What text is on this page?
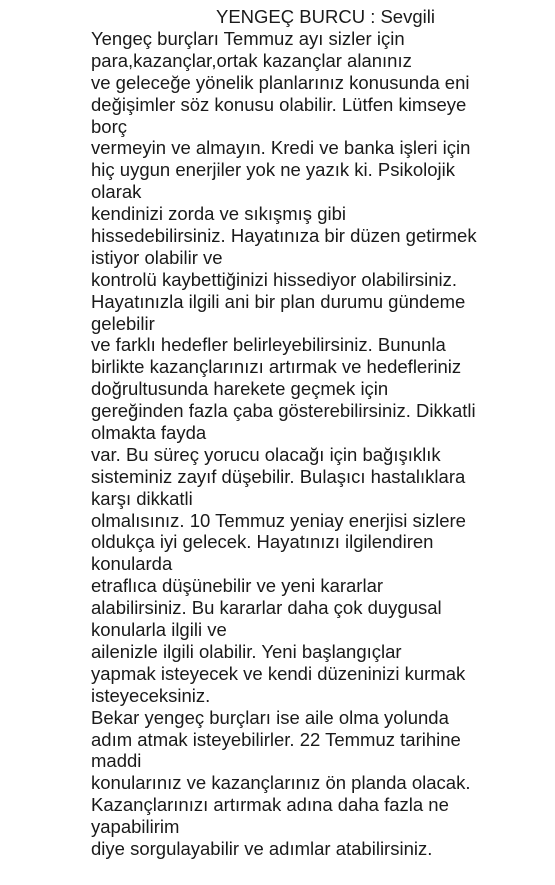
YENGEÇ BURCU : Sevgili
Yengeç burçları Temmuz ayı sizler için
para,kazançlar,ortak kazançlar alanınız
ve geleceğe yönelik planlarınız konusunda eni
değişimler söz konusu olabilir. Lütfen kimseye
borç
vermeyin ve almayın. Kredi ve banka işleri için
hiç uygun enerjiler yok ne yazık ki. Psikolojik
olarak
kendinizi zorda ve sıkışmış gibi
hissedebilirsiniz. Hayatınıza bir düzen getirmek
istiyor olabilir ve
kontrolü kaybettiğinizi hissediyor olabilirsiniz.
Hayatınızla ilgili ani bir plan durumu gündeme
gelebilir
ve farklı hedefler belirleyebilirsiniz. Bununla
birlikte kazançlarınızı artırmak ve hedefleriniz
doğrultusunda harekete geçmek için
gereğinden fazla çaba gösterebilirsiniz. Dikkatli
olmakta fayda
var. Bu süreç yorucu olacağı için bağışıklık
sisteminiz zayıf düşebilir. Bulaşıcı hastalıklara
karşı dikkatli
olmalısınız. 10 Temmuz yeniay enerjisi sizlere
oldukça iyi gelecek. Hayatınızı ilgilendiren
konularda
etraflıca düşünebilir ve yeni kararlar
alabilirsiniz. Bu kararlar daha çok duygusal
konularla ilgili ve
ailenizle ilgili olabilir. Yeni başlangıçlar
yapmak isteyecek ve kendi düzeninizi kurmak
isteyeceksiniz.
Bekar yengeç burçları ise aile olma yolunda
adım atmak isteyebilirler. 22 Temmuz tarihine
maddi
konularınız ve kazançlarınız ön planda olacak.
Kazançlarınızı artırmak adına daha fazla ne
yapabilirim
diye sorgulayabilir ve adımlar atabilirsiniz.
